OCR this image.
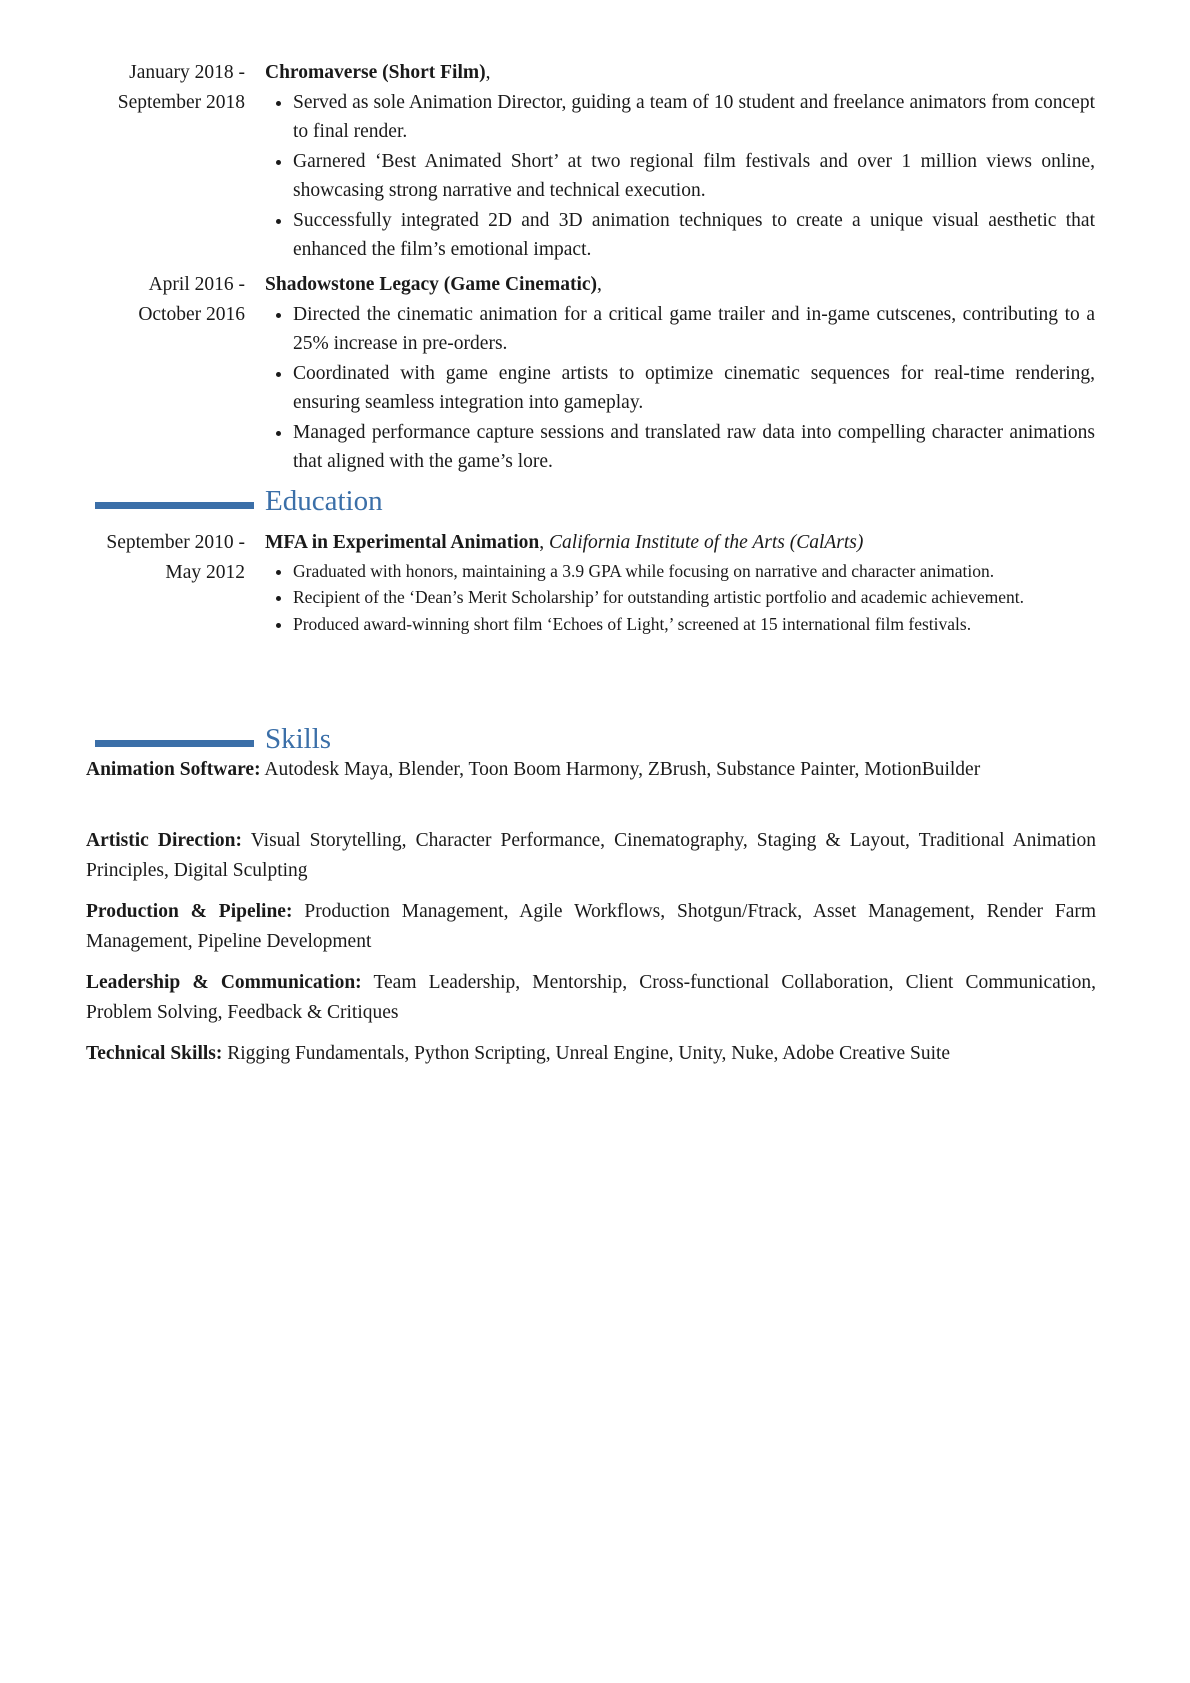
January 2018 - September 2018
Chromaverse (Short Film),
• Served as sole Animation Director, guiding a team of 10 student and freelance animators from concept to final render.
• Garnered ‘Best Animated Short’ at two regional film festivals and over 1 million views online, showcasing strong narrative and technical execution.
• Successfully integrated 2D and 3D animation techniques to create a unique visual aesthetic that enhanced the film’s emotional impact.
April 2016 - October 2016
Shadowstone Legacy (Game Cinematic),
• Directed the cinematic animation for a critical game trailer and in-game cutscenes, contributing to a 25% increase in pre-orders.
• Coordinated with game engine artists to optimize cinematic sequences for real-time rendering, ensuring seamless integration into gameplay.
• Managed performance capture sessions and translated raw data into compelling character animations that aligned with the game’s lore.
Education
September 2010 - May 2012
MFA in Experimental Animation, California Institute of the Arts (CalArts)
• Graduated with honors, maintaining a 3.9 GPA while focusing on narrative and character animation.
• Recipient of the ‘Dean’s Merit Scholarship’ for outstanding artistic portfolio and academic achievement.
• Produced award-winning short film ‘Echoes of Light,’ screened at 15 international film festivals.
Skills
Animation Software: Autodesk Maya, Blender, Toon Boom Harmony, ZBrush, Substance Painter, MotionBuilder
Artistic Direction: Visual Storytelling, Character Performance, Cinematography, Staging & Layout, Traditional Animation Principles, Digital Sculpting
Production & Pipeline: Production Management, Agile Workflows, Shotgun/Ftrack, Asset Management, Render Farm Management, Pipeline Development
Leadership & Communication: Team Leadership, Mentorship, Cross-functional Collaboration, Client Communication, Problem Solving, Feedback & Critiques
Technical Skills: Rigging Fundamentals, Python Scripting, Unreal Engine, Unity, Nuke, Adobe Creative Suite
